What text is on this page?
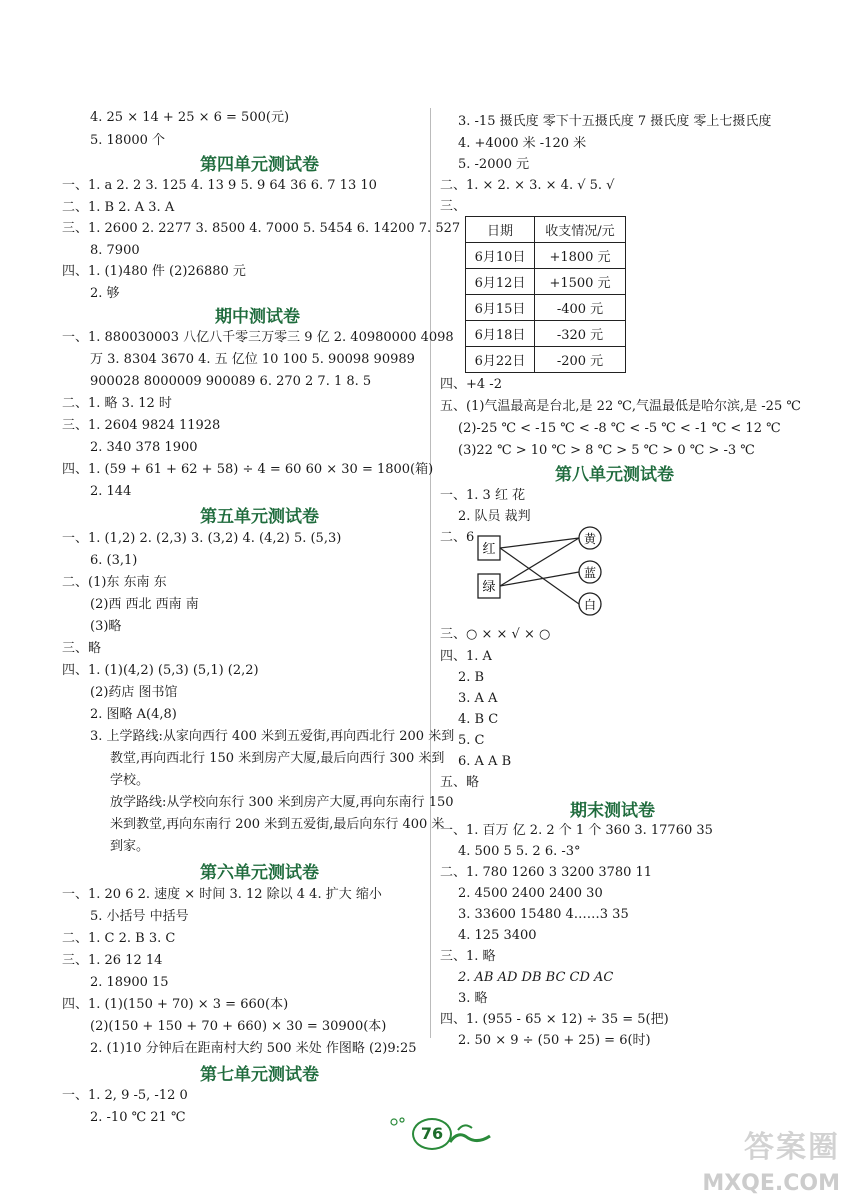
4. 25 × 14 + 25 × 6 = 500(元)
5. 18000 个
第四单元测试卷
一、1. a 2. 2 3. 125 4. 13 9 5. 9 64 36 6. 7 13 10
二、1. B 2. A 3. A
三、1. 2600 2. 2277 3. 8500 4. 7000 5. 5454 6. 14200 7. 527
8. 7900
四、1. (1)480 件 (2)26880 元
2. 够
期中测试卷
一、1. 880030003 八亿八千零三万零三 9 亿 2. 40980000 4098
万 3. 8304 3670 4. 五 亿位 10 100 5. 90098 90989
900028 8000009 900089 6. 270 2 7. 1 8. 5
二、1. 略 3. 12 时
三、1. 2604 9824 11928
2. 340 378 1900
四、1. (59 + 61 + 62 + 58) ÷ 4 = 60 60 × 30 = 1800(箱)
2. 144
第五单元测试卷
一、1. (1,2) 2. (2,3) 3. (3,2) 4. (4,2) 5. (5,3)
6. (3,1)
二、(1)东 东南 东
(2)西 西北 西南 南
(3)略
三、略
四、1. (1)(4,2) (5,3) (5,1) (2,2)
(2)药店 图书馆
2. 图略 A(4,8)
3. 上学路线:从家向西行 400 米到五爱街,再向西北行 200 米到
教堂,再向西北行 150 米到房产大厦,最后向西行 300 米到
学校。
放学路线:从学校向东行 300 米到房产大厦,再向东南行 150
米到教堂,再向东南行 200 米到五爱街,最后向东行 400 米
到家。
第六单元测试卷
一、1. 20 6 2. 速度 × 时间 3. 12 除以 4 4. 扩大 缩小
5. 小括号 中括号
二、1. C 2. B 3. C
三、1. 26 12 14
2. 18900 15
四、1. (1)(150 + 70) × 3 = 660(本)
(2)(150 + 150 + 70 + 660) × 30 = 30900(本)
2. (1)10 分钟后在距南村大约 500 米处 作图略 (2)9:25
第七单元测试卷
一、1. 2, 9 -5, -12 0
2. -10 ℃ 21 ℃
3. -15 摄氏度 零下十五摄氏度 7 摄氏度 零上七摄氏度
4. +4000 米 -120 米
5. -2000 元
二、1. × 2. × 3. × 4. √ 5. √
三、
日期	收支情况/元
6月10日	+1800 元
6月12日	+1500 元
6月15日	-400 元
6月18日	-320 元
6月22日	-200 元
四、+4 -2
五、(1)气温最高是台北,是 22 ℃,气温最低是哈尔滨,是 -25 ℃
(2)-25 ℃ < -15 ℃ < -8 ℃ < -5 ℃ < -1 ℃ < 12 ℃
(3)22 ℃ > 10 ℃ > 8 ℃ > 5 ℃ > 0 ℃ > -3 ℃
第八单元测试卷
一、1. 3 红 花
2. 队员 裁判
二、6
红
绿
黄
蓝
白
三、○ × × √ × ○
四、1. A
2. B
3. A A
4. B C
5. C
6. A A B
五、略
期末测试卷
一、1. 百万 亿 2. 2 个 1 个 360 3. 17760 35
4. 500 5 5. 2 6. -3°
二、1. 780 1260 3 3200 3780 11
2. 4500 2400 2400 30
3. 33600 15480 4……3 35
4. 125 3400
三、1. 略
2. AB AD DB BC CD AC
3. 略
四、1. (955 - 65 × 12) ÷ 35 = 5(把)
2. 50 × 9 ÷ (50 + 25) = 6(时)
76	答案圈
MXQE.COM
